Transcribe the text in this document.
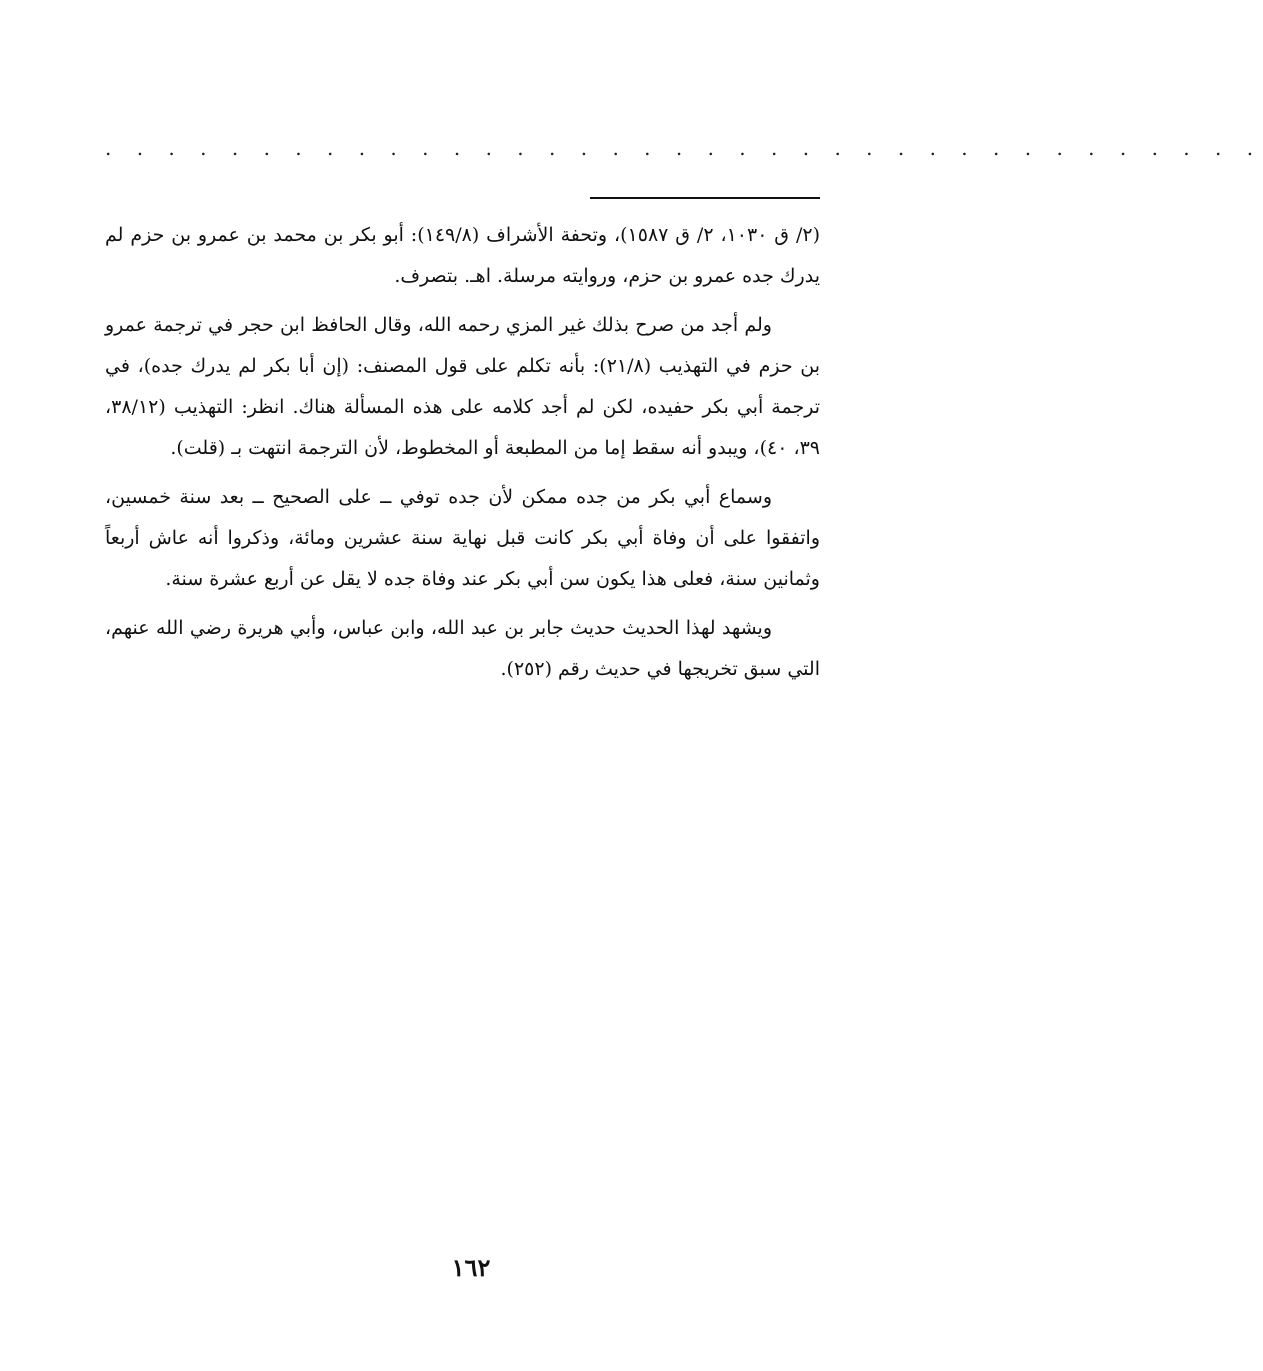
. . . . . . . . . . . . . . . . . . . . . . . . . . . . . . . . . . . . .

(٢/ ق ١٠٣٠، ٢/ ق ١٥٨٧)، وتحفة الأشراف (١٤٩/٨): أبو بكر بن محمد بن عمرو بن حزم لم يدرك جده عمرو بن حزم، وروايته مرسلة. اهـ. بتصرف.

ولم أجد من صرح بذلك غير المزي رحمه الله، وقال الحافظ ابن حجر في ترجمة عمرو بن حزم في التهذيب (٢١/٨): بأنه تكلم على قول المصنف: (إن أبا بكر لم يدرك جده)، في ترجمة أبي بكر حفيده، لكن لم أجد كلامه على هذه المسألة هناك. انظر: التهذيب (٣٨/١٢، ٣٩، ٤٠)، ويبدو أنه سقط إما من المطبعة أو المخطوط، لأن الترجمة انتهت بـ (قلت).

وسماع أبي بكر من جده ممكن لأن جده توفي ــ على الصحيح ــ بعد سنة خمسين، واتفقوا على أن وفاة أبي بكر كانت قبل نهاية سنة عشرين ومائة، وذكروا أنه عاش أربعاً وثمانين سنة، فعلى هذا يكون سن أبي بكر عند وفاة جده لا يقل عن أربع عشرة سنة.

ويشهد لهذا الحديث حديث جابر بن عبد الله، وابن عباس، وأبي هريرة رضي الله عنهم، التي سبق تخريجها في حديث رقم (٢٥٢).

١٦٢
